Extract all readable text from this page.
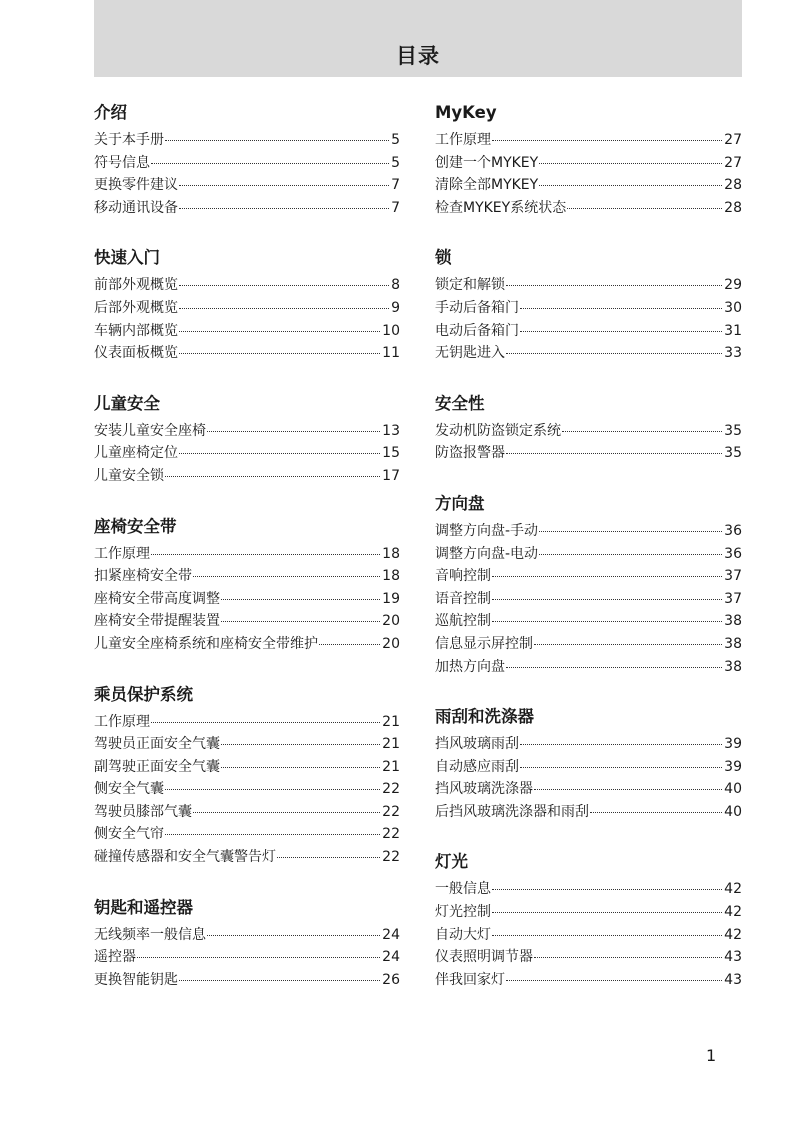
目录
介绍
关于本手册	5
符号信息	5
更换零件建议	7
移动通讯设备	7
快速入门
前部外观概览	8
后部外观概览	9
车辆内部概览	10
仪表面板概览	11
儿童安全
安装儿童安全座椅	13
儿童座椅定位	15
儿童安全锁	17
座椅安全带
工作原理	18
扣紧座椅安全带	18
座椅安全带高度调整	19
座椅安全带提醒装置	20
儿童安全座椅系统和座椅安全带维护	20
乘员保护系统
工作原理	21
驾驶员正面安全气囊	21
副驾驶正面安全气囊	21
侧安全气囊	22
驾驶员膝部气囊	22
侧安全气帘	22
碰撞传感器和安全气囊警告灯	22
钥匙和遥控器
无线频率一般信息	24
遥控器	24
更换智能钥匙	26
MyKey
工作原理	27
创建一个MYKEY	27
清除全部MYKEY	28
检查MYKEY系统状态	28
锁
锁定和解锁	29
手动后备箱门	30
电动后备箱门	31
无钥匙进入	33
安全性
发动机防盗锁定系统	35
防盗报警器	35
方向盘
调整方向盘-手动	36
调整方向盘-电动	36
音响控制	37
语音控制	37
巡航控制	38
信息显示屏控制	38
加热方向盘	38
雨刮和洗涤器
挡风玻璃雨刮	39
自动感应雨刮	39
挡风玻璃洗涤器	40
后挡风玻璃洗涤器和雨刮	40
灯光
一般信息	42
灯光控制	42
自动大灯	42
仪表照明调节器	43
伴我回家灯	43
1
